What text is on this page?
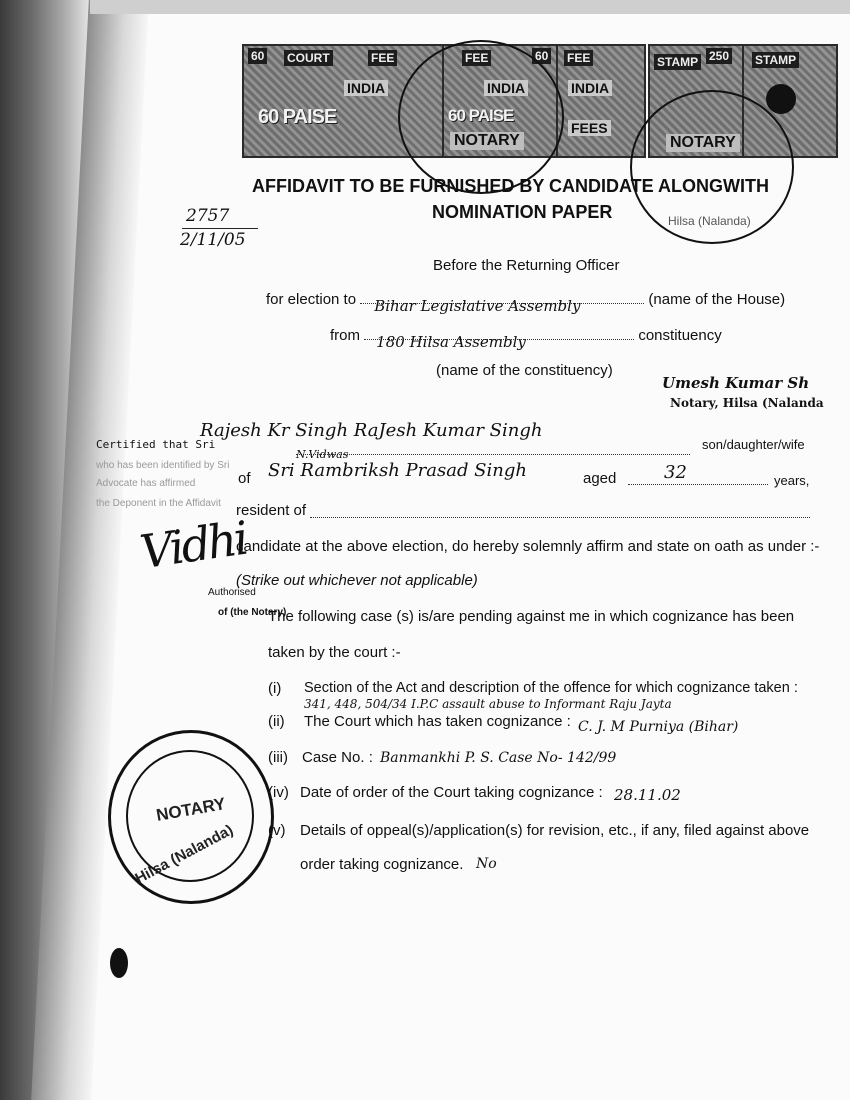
60 COURT	FEE
INDIA
60 PAISE
FEE	60
INDIA
60 PAISE
NOTARY
FEE
INDIA
FEES
STAMP 250
NOTARY
STAMP
Hilsa (Nalanda)
AFFIDAVIT TO BE FURNISHED BY CANDIDATE ALONGWITH
NOMINATION PAPER
2757
2/11/05
Before the Returning Officer
for election to Bihar Legislative Assembly	(name of the House)
from 180 Hilsa Assembly	constituency
(name of the constituency)
Umesh Kumar Sh
Notary, Hilsa (Nalanda
Certified that Sri
Rajesh Kr Singh RaJesh Kumar Singh
son/daughter/wife
who has been identified by Sri
N.Vidwas
Advocate has affirmed	of Sri Rambriksh Prasad Singh	aged	32	years,
the Deponent in the Affidavit resident of
Vidhi
candidate at the above election, do hereby solemnly affirm and state on oath as under :-
(Strike out whichever not applicable)
Authorised
of (the Notary)
The following case (s) is/are pending against me in which cognizance has been
taken by the court :-
(i) Section of the Act and description of the offence for which cognizance taken :
341, 448, 504/34 I.P.C assault abuse to Informant Raju Jayta
(ii) The Court which has taken cognizance : C. J. M Purniya (Bihar)
(iii) Case No. : Banmankhi P. S. Case No- 142/99
(iv) Date of order of the Court taking cognizance : 28.11.02
(v) Details of oppeal(s)/application(s) for revision, etc., if any, filed against above
order taking cognizance. No
NOTARY
Hilsa (Nalanda)
